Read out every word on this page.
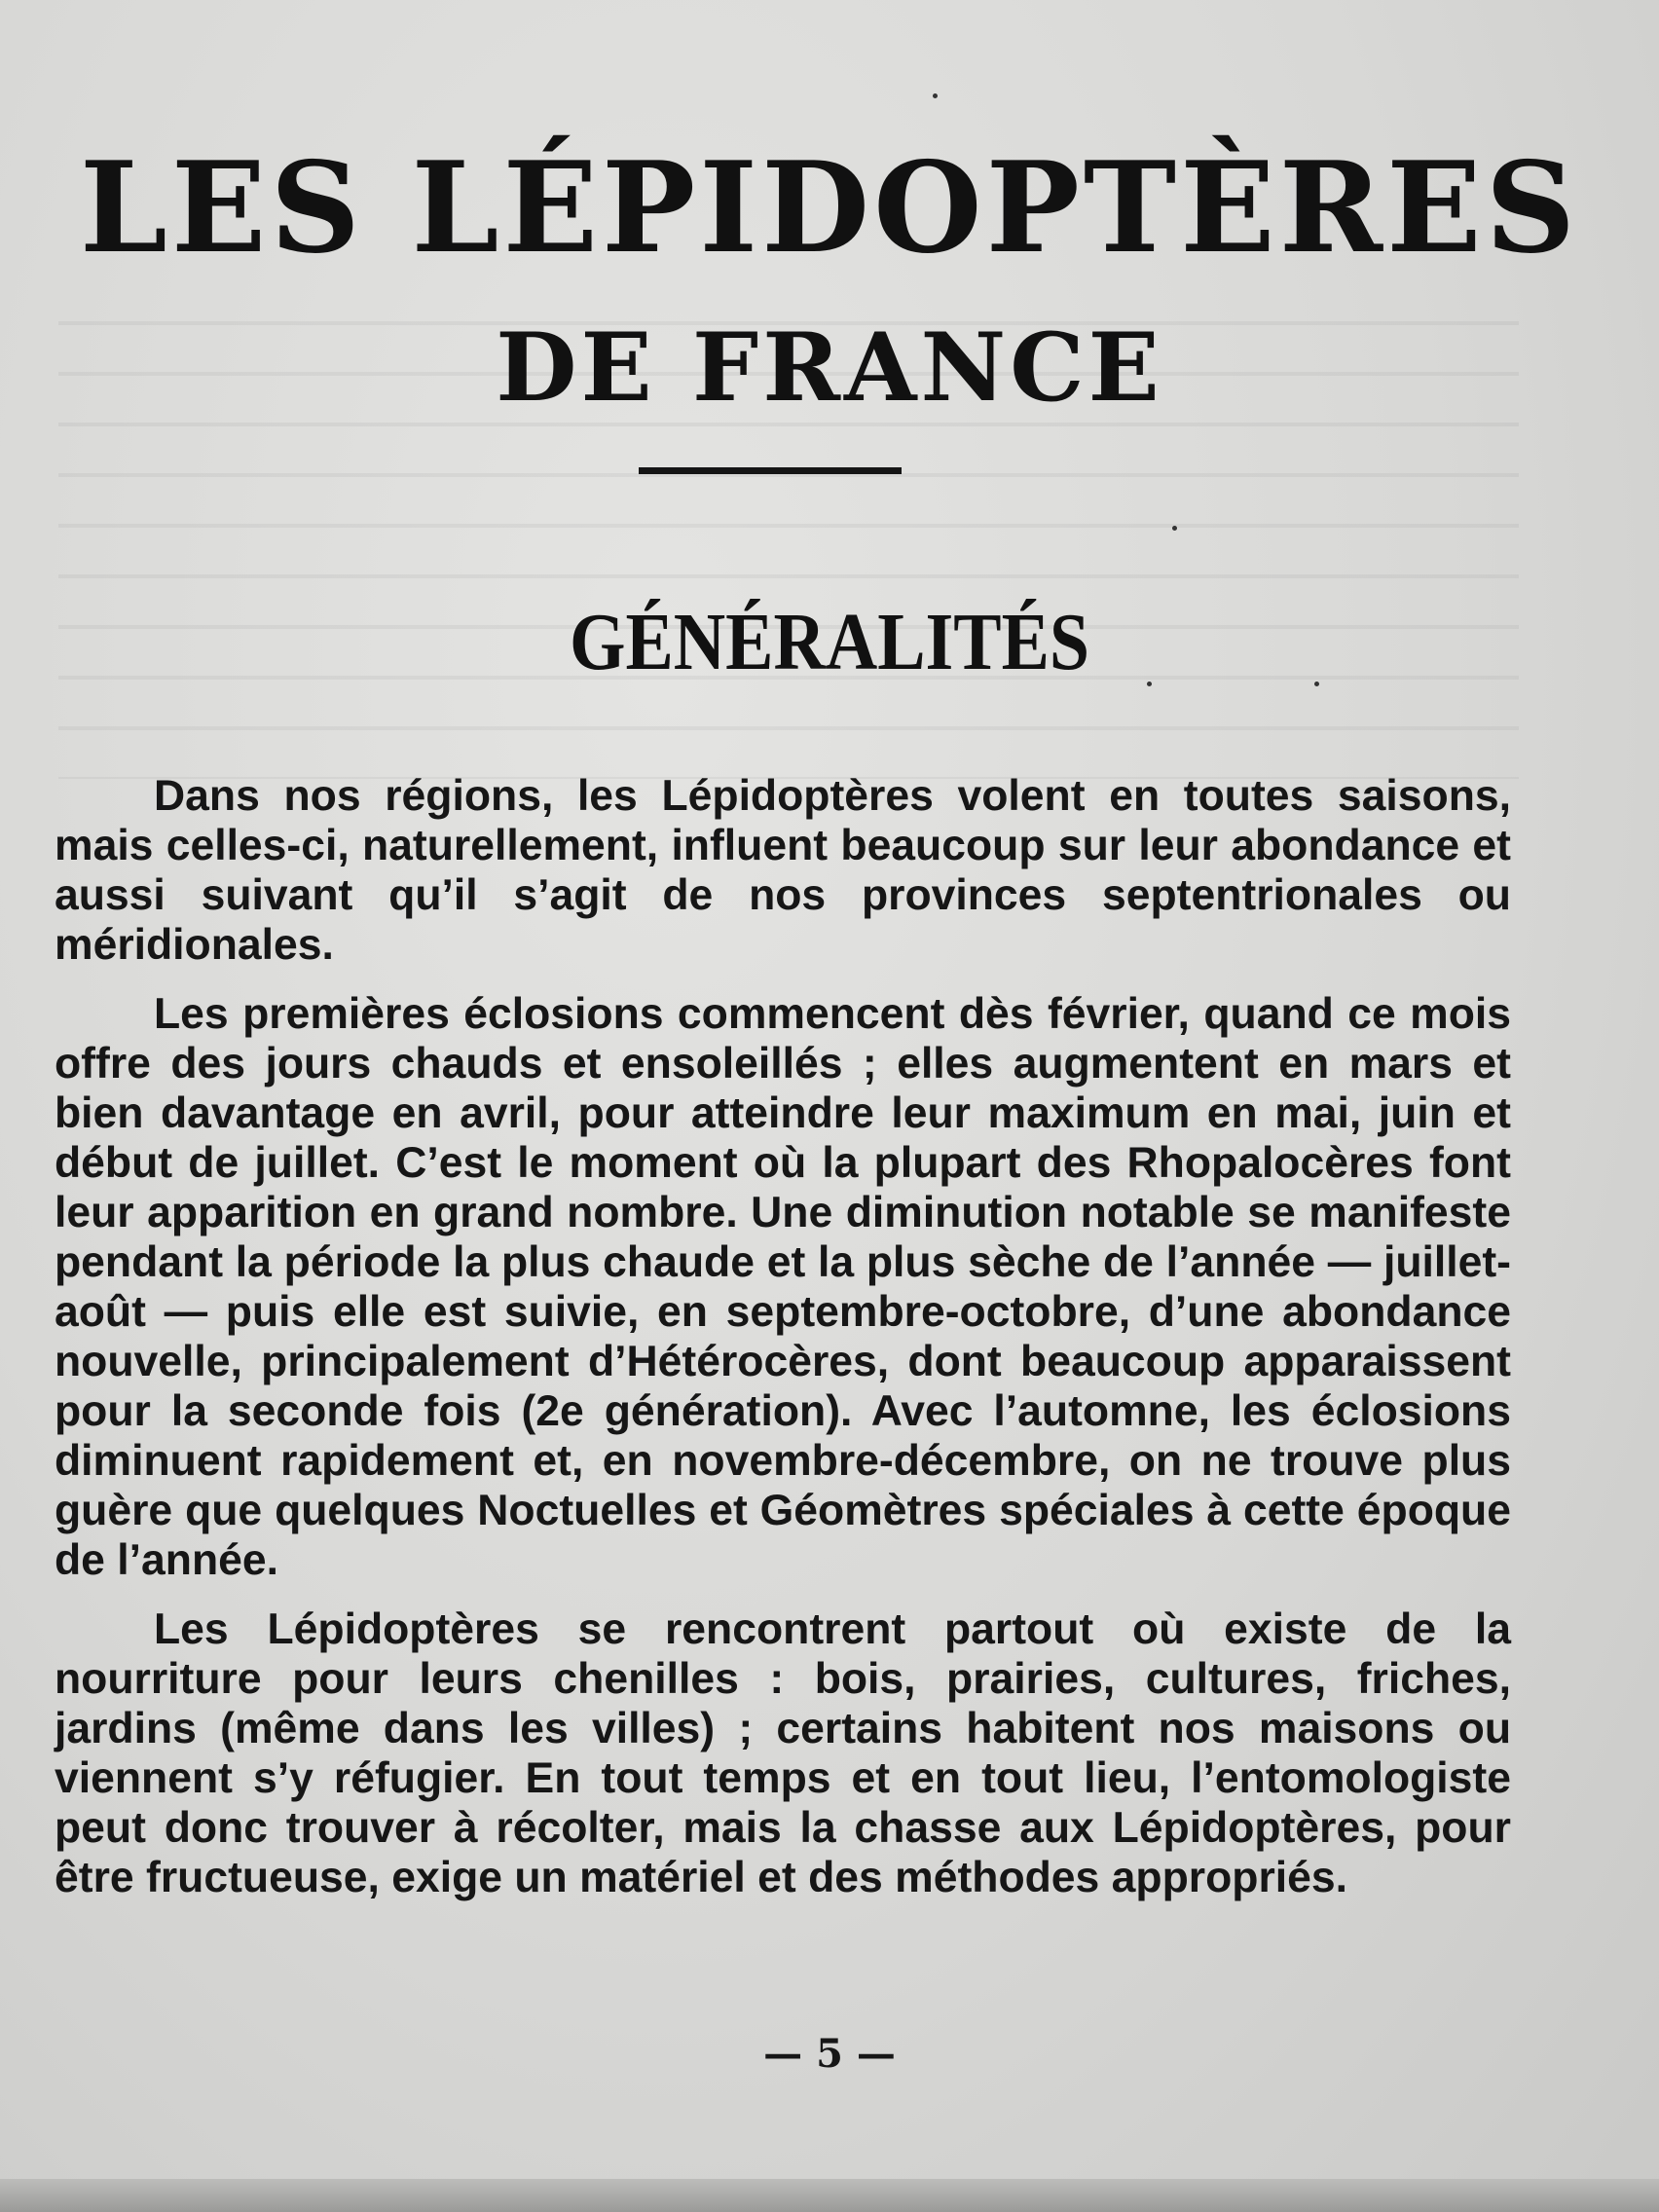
LES LÉPIDOPTÈRES
DE FRANCE
GÉNÉRALITÉS

Dans nos régions, les Lépidoptères volent en toutes saisons, mais celles-ci, naturellement, influent beaucoup sur leur abondance et aussi suivant qu’il s’agit de nos provinces septentrionales ou méridionales.

Les premières éclosions commencent dès février, quand ce mois offre des jours chauds et ensoleillés ; elles augmentent en mars et bien davantage en avril, pour atteindre leur maximum en mai, juin et début de juillet. C’est le moment où la plupart des Rhopalocères font leur apparition en grand nombre. Une diminution notable se manifeste pendant la période la plus chaude et la plus sèche de l’année — juillet-août — puis elle est suivie, en septembre-octobre, d’une abondance nouvelle, principalement d’Hétérocères, dont beaucoup apparaissent pour la seconde fois (2e génération). Avec l’automne, les éclosions diminuent rapidement et, en novembre-décembre, on ne trouve plus guère que quelques Noctuelles et Géomètres spéciales à cette époque de l’année.

Les Lépidoptères se rencontrent partout où existe de la nourriture pour leurs chenilles : bois, prairies, cultures, friches, jardins (même dans les villes) ; certains habitent nos maisons ou viennent s’y réfugier. En tout temps et en tout lieu, l’entomologiste peut donc trouver à récolter, mais la chasse aux Lépidoptères, pour être fructueuse, exige un matériel et des méthodes appropriés.

— 5 —
